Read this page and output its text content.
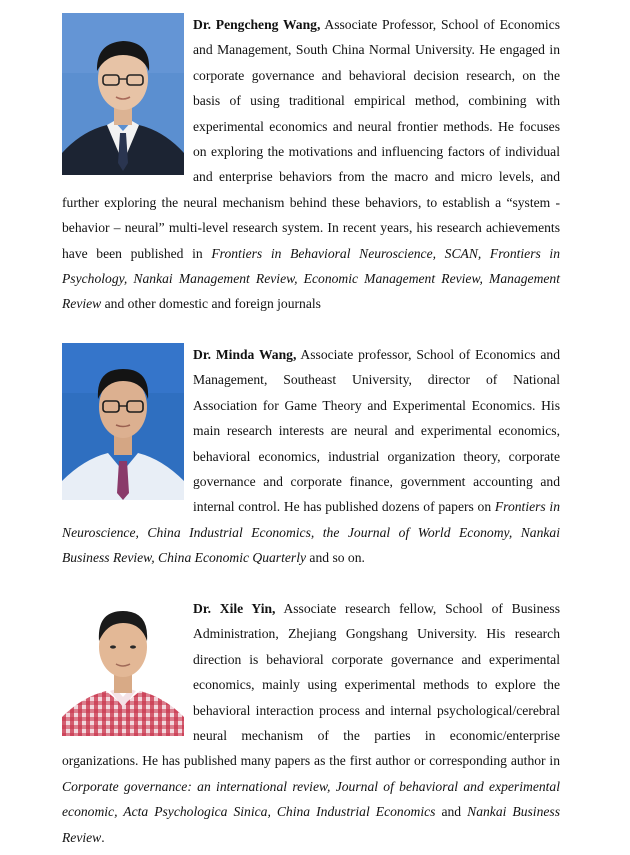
Dr. Pengcheng Wang, Associate Professor, School of Economics and Management, South China Normal University. He engaged in corporate governance and behavioral decision research, on the basis of using traditional empirical method, combining with experimental economics and neural frontier methods. He focuses on exploring the motivations and influencing factors of individual and enterprise behaviors from the macro and micro levels, and further exploring the neural mechanism behind these behaviors, to establish a “system - behavior – neural” multi-level research system. In recent years, his research achievements have been published in Frontiers in Behavioral Neuroscience, SCAN, Frontiers in Psychology, Nankai Management Review, Economic Management Review, Management Review and other domestic and foreign journals

Dr. Minda Wang, Associate professor, School of Economics and Management, Southeast University, director of National Association for Game Theory and Experimental Economics. His main research interests are neural and experimental economics, behavioral economics, industrial organization theory, corporate governance and corporate finance, government accounting and internal control. He has published dozens of papers on Frontiers in Neuroscience, China Industrial Economics, the Journal of World Economy, Nankai Business Review, China Economic Quarterly and so on.

Dr. Xile Yin, Associate research fellow, School of Business Administration, Zhejiang Gongshang University. His research direction is behavioral corporate governance and experimental economics, mainly using experimental methods to explore the behavioral interaction process and internal psychological/cerebral neural mechanism of the parties in economic/enterprise organizations. He has published many papers as the first author or corresponding author in Corporate governance: an international review, Journal of behavioral and experimental economic, Acta Psychologica Sinica, China Industrial Economics and Nankai Business Review.
